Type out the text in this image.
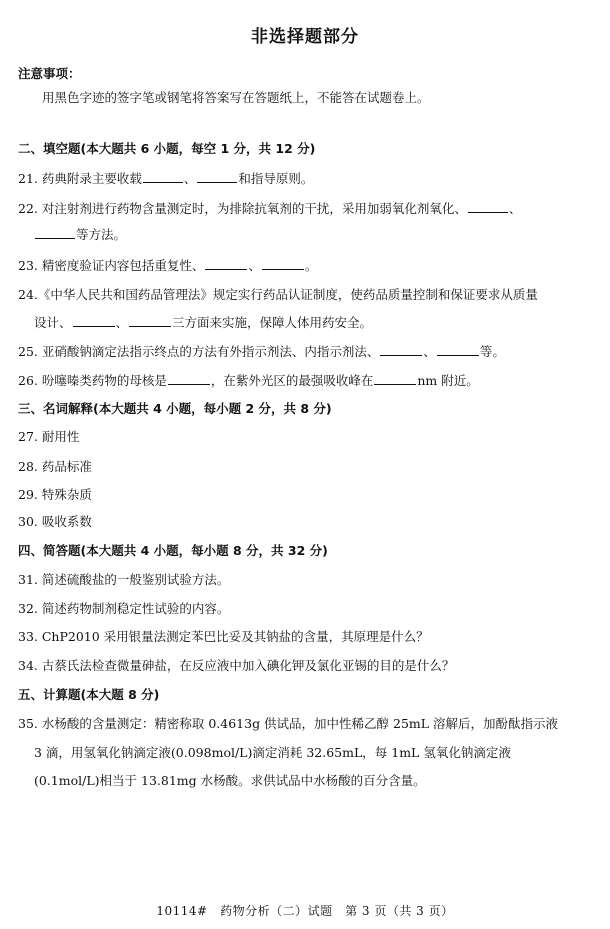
非选择题部分
注意事项：
用黑色字迹的签字笔或钢笔将答案写在答题纸上，不能答在试题卷上。
二、填空题(本大题共 6 小题，每空 1 分，共 12 分)
21. 药典附录主要收载	、	和指导原则。
22. 对注射剂进行药物含量测定时，为排除抗氧剂的干扰，采用加弱氧化剂氧化、	、
等方法。
23. 精密度验证内容包括重复性、	、	。
24.《中华人民共和国药品管理法》规定实行药品认证制度，使药品质量控制和保证要求从质量
设计、	、	三方面来实施，保障人体用药安全。
25. 亚硝酸钠滴定法指示终点的方法有外指示剂法、内指示剂法、	、	等。
26. 吩噻嗪类药物的母核是	，在紫外光区的最强吸收峰在	nm 附近。
三、名词解释(本大题共 4 小题，每小题 2 分，共 8 分)
27. 耐用性
28. 药品标准
29. 特殊杂质
30. 吸收系数
四、简答题(本大题共 4 小题，每小题 8 分，共 32 分)
31. 简述硫酸盐的一般鉴别试验方法。
32. 简述药物制剂稳定性试验的内容。
33. ChP2010 采用银量法测定苯巴比妥及其钠盐的含量，其原理是什么？
34. 古蔡氏法检查微量砷盐，在反应液中加入碘化钾及氯化亚锡的目的是什么？
五、计算题(本大题 8 分)
35. 水杨酸的含量测定：精密称取 0.4613g 供试品，加中性稀乙醇 25mL 溶解后，加酚酞指示液
3 滴，用氢氧化钠滴定液(0.098mol/L)滴定消耗 32.65mL，每 1mL 氢氧化钠滴定液
(0.1mol/L)相当于 13.81mg 水杨酸。求供试品中水杨酸的百分含量。
10114#　药物分析（二）试题　第 3 页（共 3 页）
